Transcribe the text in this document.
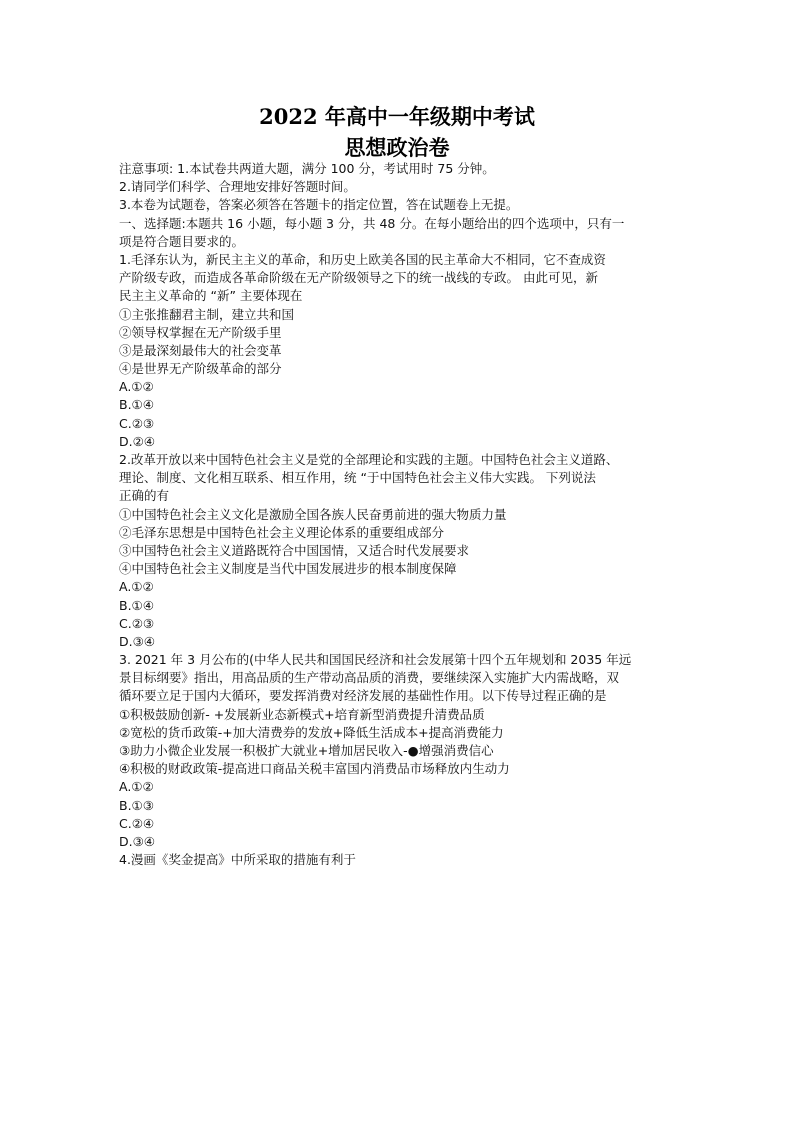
2022 年高中一年级期中考试
思想政治卷
注意事项: 1.本试卷共两道大题，满分 100 分，考试用时 75 分钟。
2.请同学们科学、合理地安排好答题时间。
3.本卷为试题卷，答案必须答在答题卡的指定位置，答在试题卷上无提。
一、选择题:本题共 16 小题，每小题 3 分，共 48 分。在每小题给出的四个选项中，只有一
项是符合题目要求的。
1.毛泽东认为，新民主主义的革命，和历史上欧美各国的民主革命大不相同，它不查成资
产阶级专政，而造成各革命阶级在无产阶级领导之下的统一战线的专政。 由此可见，新
民主主义革命的 “新” 主要体现在
①主张推翻君主制，建立共和国
②领导权掌握在无产阶级手里
③是最深刻最伟大的社会变革
④是世界无产阶级革命的部分
A.①②
B.①④
C.②③
D.②④
2.改革开放以来中国特色社会主义是党的全部理论和实践的主题。中国特色社会主义道路、
理论、制度、文化相互联系、相互作用，统 “于中国特色社会主义伟大实践。 下列说法
正确的有
①中国特色社会主义文化是激励全国各族人民奋勇前进的强大物质力量
②毛泽东思想是中国特色社会主义理论体系的重要组成部分
③中国特色社会主义道路既符合中国国情，又适合时代发展要求
④中国特色社会主义制度是当代中国发展进步的根本制度保障
A.①②
B.①④
C.②③
D.③④
3. 2021 年 3 月公布的(中华人民共和国国民经济和社会发展第十四个五年规划和 2035 年远
景目标纲要》指出，用高品质的生产带动高品质的消费，要继续深入实施扩大内需战略，双
循环要立足于国内大循环，要发挥消费对经济发展的基础性作用。以下传导过程正确的是
①积极鼓励创新- +发展新业态新模式+培育新型消费提升清费品质
②宽松的货币政策-+加大清费券的发放+降低生活成本+提高消费能力
③助力小微企业发展一积极扩大就业+增加居民收入-●增强消费信心
④积极的财政政策-提高进口商品关税丰富国内消费品市场释放内生动力
A.①②
B.①③
C.②④
D.③④
4.漫画《奖金提高》中所采取的措施有利于
